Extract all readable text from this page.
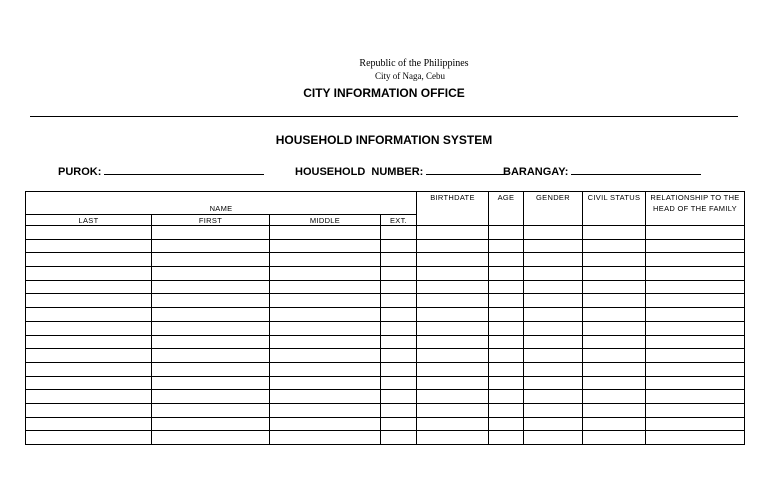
Republic of the Philippines
City of Naga, Cebu
CITY INFORMATION OFFICE
HOUSEHOLD INFORMATION SYSTEM
PUROK:	HOUSEHOLD  NUMBER:	BARANGAY:
NAME				BIRTHDATE	AGE	GENDER	CIVIL STATUS	RELATIONSHIP TO THE HEAD OF THE FAMILY
LAST	FIRST	MIDDLE	EXT.					
